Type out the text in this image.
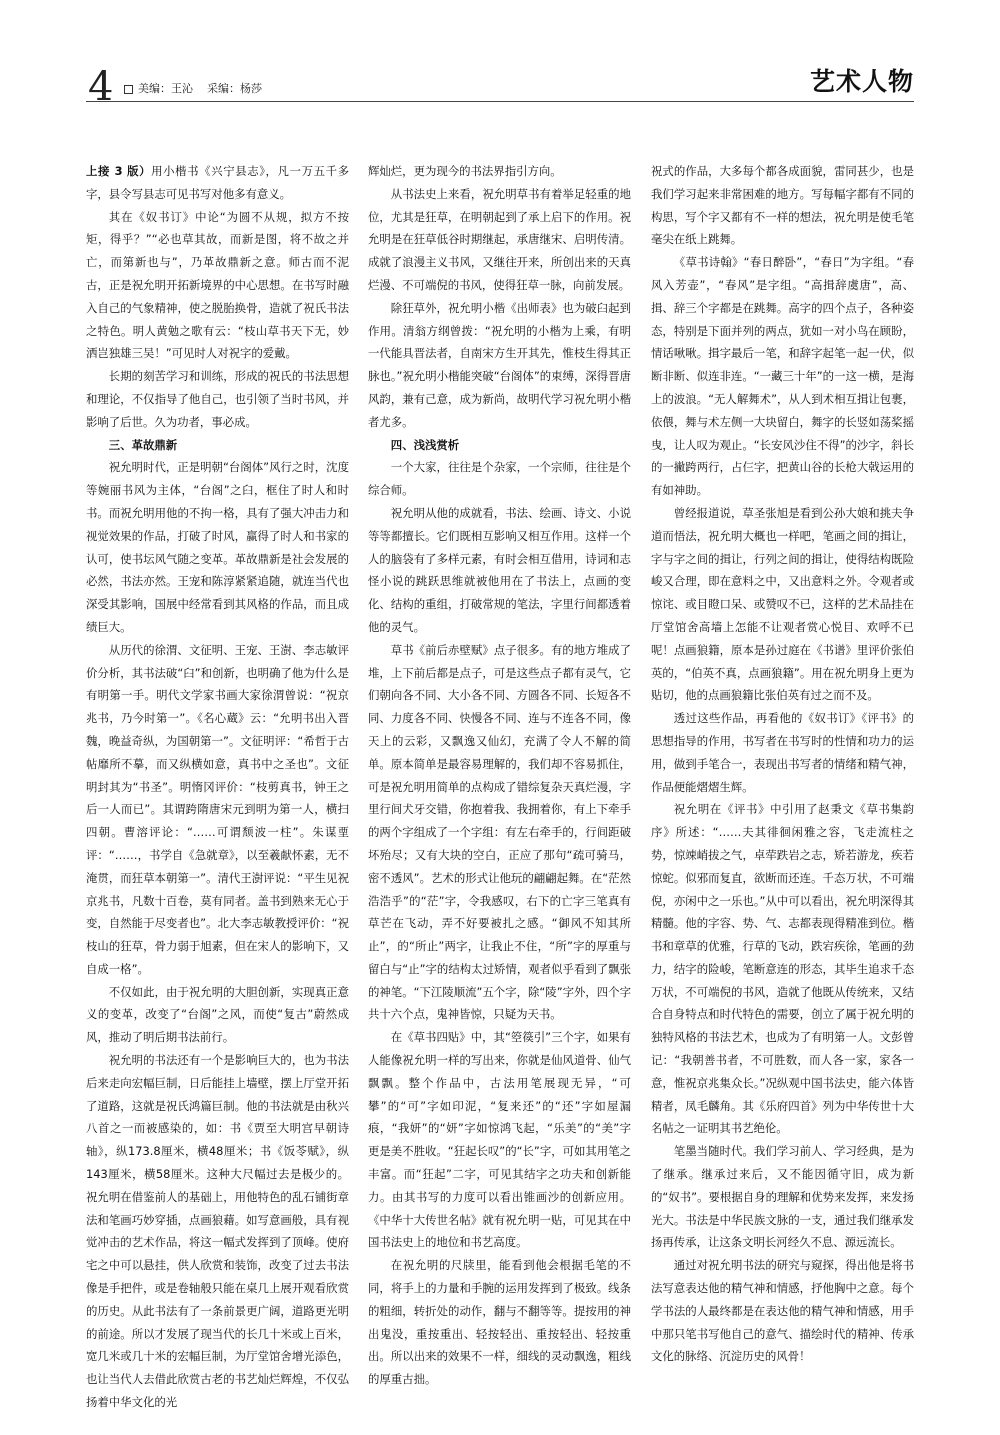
4	美编：王沁 采编：杨莎	艺术人物

上接 3 版）用小楷书《兴宁县志》，凡一万五千多字，县令写县志可见书写对他多有意义。

其在《奴书订》中论“为圆不从规，拟方不按矩，得乎？”“必也草其故，而新是图，将不故之并亡，而第新也与”，乃革故鼎新之意。师古而不泥古，正是祝允明开拓新境界的中心思想。在书写时融入自己的气象精神，使之脱胎换骨，造就了祝氏书法之特色。明人黄勉之歌有云：“枝山草书天下无，妙洒岂独雄三吴！”可见时人对祝字的爱戴。

长期的刻苦学习和训练，形成的祝氏的书法思想和理论，不仅指导了他自己，也引领了当时书风，并影响了后世。久为功者，事必成。

三、革故鼎新

祝允明时代，正是明朝“台阁体”风行之时，沈度等婉丽书风为主体，“台阁”之臼，框住了时人和时书。而祝允明用他的不拘一格，具有了强大冲击力和视觉效果的作品，打破了时风，赢得了时人和书家的认可，使书坛风气随之变革。革故鼎新是社会发展的必然，书法亦然。王宠和陈淳紧紧追随，就连当代也深受其影响，国展中经常看到其风格的作品，而且成绩巨大。

从历代的徐渭、文征明、王宠、王澍、李志敏评价分析，其书法破“臼”和创新，也明确了他为什么是有明第一手。明代文学家书画大家徐渭曾说：“祝京兆书，乃今时第一”。《名心蔵》云：“允明书出入晋魏，晚益奇纵，为国朝第一”。文征明评：“希哲于古帖靡所不摹，而又纵横如意，真书中之圣也”。文征明封其为“书圣”。明惰冈评价：“枝剪真书，钟王之后一人而已”。其谓跨隋唐宋元到明为第一人，横扫四朝。曹溶评论：“……可谓颓波一柱”。朱谋垔评：“……，书学自《急就章》，以至羲献怀素，无不淹贯，而狂草本朝第一”。清代王澍评说：“平生见祝京兆书，凡数十百卷，莫有同者。盖书到熟来无心于变，自然能于尽变者也”。北大李志敏教授评价：“祝枝山的狂草，骨力弱于旭素，但在宋人的影响下，又自成一格”。

不仅如此，由于祝允明的大胆创新，实现真正意义的变革，改变了“台阁”之风，而使“复古”蔚然成风，推动了明后期书法前行。

祝允明的书法还有一个是影响巨大的，也为书法后来走向宏幅巨制，日后能挂上墙壁，摆上厅堂开拓了道路，这就是祝氏鸿篇巨制。他的书法就是由秋兴八首之一而被感染的，如：书《贾至大明宫早朝诗轴》，纵173.8厘米，横48厘米；书《饭苓赋》，纵143厘米，横58厘米。这种大尺幅过去是极少的。祝允明在借鉴前人的基础上，用他特色的乱石铺街章法和笔画巧妙穿插，点画狼藉。如写意画般，具有视觉冲击的艺术作品，将这一幅式发挥到了顶峰。使府宅之中可以悬挂，供人欣赏和装饰，改变了过去书法像是手把件，或是卷轴般只能在桌几上展开观看欣赏的历史。从此书法有了一条前景更广阔，道路更光明的前途。所以才发展了现当代的长几十米或上百米，宽几米或几十米的宏幅巨制，为厅堂馆舍增光添色，也让当代人去借此欣赏古老的书艺灿烂辉煌，不仅弘扬着中华文化的光

辉灿烂，更为现今的书法界指引方向。

从书法史上来看，祝允明草书有着举足轻重的地位，尤其是狂草，在明朝起到了承上启下的作用。祝允明是在狂草低谷时期继起，承唐继宋、启明传清。成就了浪漫主义书风，又继往开来，所创出来的天真烂漫、不可端倪的书风，使得狂草一脉，向前发展。

除狂草外，祝允明小楷《出师表》也为破臼起到作用。清翁方纲曾拨：“祝允明的小楷为上乘，有明一代能具晋法者，自南宋方生开其先，惟枝生得其正脉也。”祝允明小楷能突破“台阁体”的束缚，深得晋唐风韵，兼有己意，成为新尚，故明代学习祝允明小楷者尤多。

四、浅浅赏析

一个大家，往往是个杂家，一个宗师，往往是个综合师。

祝允明从他的成就看，书法、绘画、诗文、小说等等都擅长。它们既相互影响又相互作用。这样一个人的脑袋有了多样元素，有时会相互借用，诗词和志怪小说的跳跃思维就被他用在了书法上，点画的变化、结构的重组，打破常规的笔法，字里行间都透着他的灵气。

草书《前后赤壁赋》点子很多。有的地方堆成了堆，上下前后都是点子，可是这些点子都有灵气，它们朝向各不同、大小各不同、方圆各不同、长短各不同、力度各不同、快慢各不同、连与不连各不同，像天上的云彩，又飘逸又仙幻，充满了令人不解的简单。原本简单是最容易理解的，我们却不容易抓住，可是祝允明用简单的点构成了错综复杂天真烂漫，字里行间犬牙交错，你抱着我、我拥着你，有上下牵手的两个字组成了一个字组：有左右牵手的，行间距破坏殆尽；又有大块的空白，正应了那句“疏可骑马，密不透风”。艺术的形式让他玩的翩翩起舞。在“茫然浩浩乎”的“茫”字，令我感叹，右下的亡字三笔真有草芒在飞动，弄不好要被扎之感。“御风不知其所止”，的“所止”两字，让我止不住，“所”字的厚重与留白与“止”字的结构太过矫情，观者似乎看到了飘张的神笔。“下江陵顺流”五个字，除“陵”字外，四个字共十六个点，鬼神皆惊，只疑为天书。

在《草书四贴》中，其“箜篌引”三个字，如果有人能像祝允明一样的写出来，你就是仙风道骨、仙气飘飘。整个作品中，古法用笔展现无异，“可攀”的“可”字如印泥，“复来还”的“还”字如屋漏痕，“我妍”的“妍”字如惊鸿飞起，“乐美”的“美”字更是美不胜收。“狂起长叹”的“长”字，可如其用笔之丰富。而“狂起”二字，可见其结字之功夫和创新能力。由其书写的力度可以看出锥画沙的创新应用。《中华十大传世名帖》就有祝允明一贴，可见其在中国书法史上的地位和书艺高度。

在祝允明的尺牍里，能看到他会根据毛笔的不同，将手上的力量和手腕的运用发挥到了极致。线条的粗细，转折处的动作，翻与不翻等等。提按用的神出鬼没，重按重出、轻按轻出、重按轻出、轻按重出。所以出来的效果不一样，细线的灵动飘逸，粗线的厚重古拙。

祝式的作品，大多每个都各成面貌，雷同甚少，也是我们学习起来非常困难的地方。写每幅字都有不同的构思，写个字又都有不一样的想法，祝允明是使毛笔毫尖在纸上跳舞。

《草书诗翰》“春日醉卧”，“春日”为字组。“春风入芳壶”，“春风”是字组。“高揖辞虞唐”，高、揖、辞三个字都是在跳舞。高字的四个点子，各种姿态，特别是下面并列的两点，犹如一对小鸟在顾盼，情话啾啾。揖字最后一笔，和辞字起笔一起一伏，似断非断、似连非连。“一藏三十年”的一这一横，是海上的波浪。“无人解舞术”，从人到术相互揖让包裹，依偎，舞与术左侧一大块留白，舞字的长竖如荡桨摇曳，让人叹为观止。“长安风沙住不得”的沙字，斜长的一撇跨两行，占仨字，把黄山谷的长枪大戟运用的有如神助。

曾经报道说，草圣张旭是看到公孙大娘和挑夫争道而悟法，祝允明大概也一样吧，笔画之间的揖让，字与字之间的揖让，行列之间的揖让，使得结构既险峻又合理，即在意料之中，又出意料之外。令观者或惊诧、或目瞪口呆、或赞叹不已，这样的艺术品挂在厅堂馆舍高墙上怎能不让观者赏心悦目、欢呼不已呢！点画狼籍，原本是孙过庭在《书谱》里评价张伯英的，“伯英不真，点画狼籍”。用在祝允明身上更为贴切，他的点画狼籍比张伯英有过之而不及。

透过这些作品，再看他的《奴书订》《评书》的思想指导的作用，书写者在书写时的性情和功力的运用，做到手笔合一，表现出书写者的情绪和精气神，作品便能熠熠生辉。

祝允明在《评书》中引用了赵秉文《草书集韵序》所述：“……夫其徘徊闲雅之容，飞走流柱之势，惊竦峭拔之气，卓荦跌岩之志，矫若游龙，疾若惊蛇。似邪而复直，欲断而还连。千态万状，不可端倪，亦闲中之一乐也。”从中可以看出，祝允明深得其精髓。他的字容、势、气、志都表现得精准到位。楷书和章草的优雅，行草的飞动，跌宕疾徐，笔画的劲力，结字的险峻，笔断意连的形态，其毕生追求千态万状，不可端倪的书风，造就了他既从传统来，又结合自身特点和时代特色的需要，创立了属于祝允明的独特风格的书法艺术，也成为了有明第一人。文彭曾记：“我朝善书者，不可胜数，而人各一家，家各一意，惟祝京兆集众长。”况纵观中国书法史，能六体皆精者，凤毛麟角。其《乐府四首》列为中华传世十大名帖之一证明其书艺绝伦。

笔墨当随时代。我们学习前人、学习经典，是为了继承。继承过来后，又不能因循守旧，成为新的“奴书”。要根据自身的理解和优势来发挥，来发扬光大。书法是中华民族文脉的一支，通过我们继承发扬再传承，让这条文明长河经久不息、源远流长。

通过对祝允明书法的研究与窥探，得出他是将书法写意表达他的精气神和情感，抒他胸中之意。每个学书法的人最终都是在表达他的精气神和情感，用手中那只笔书写他自己的意气、描绘时代的精神、传承文化的脉络、沉淀历史的风骨！
